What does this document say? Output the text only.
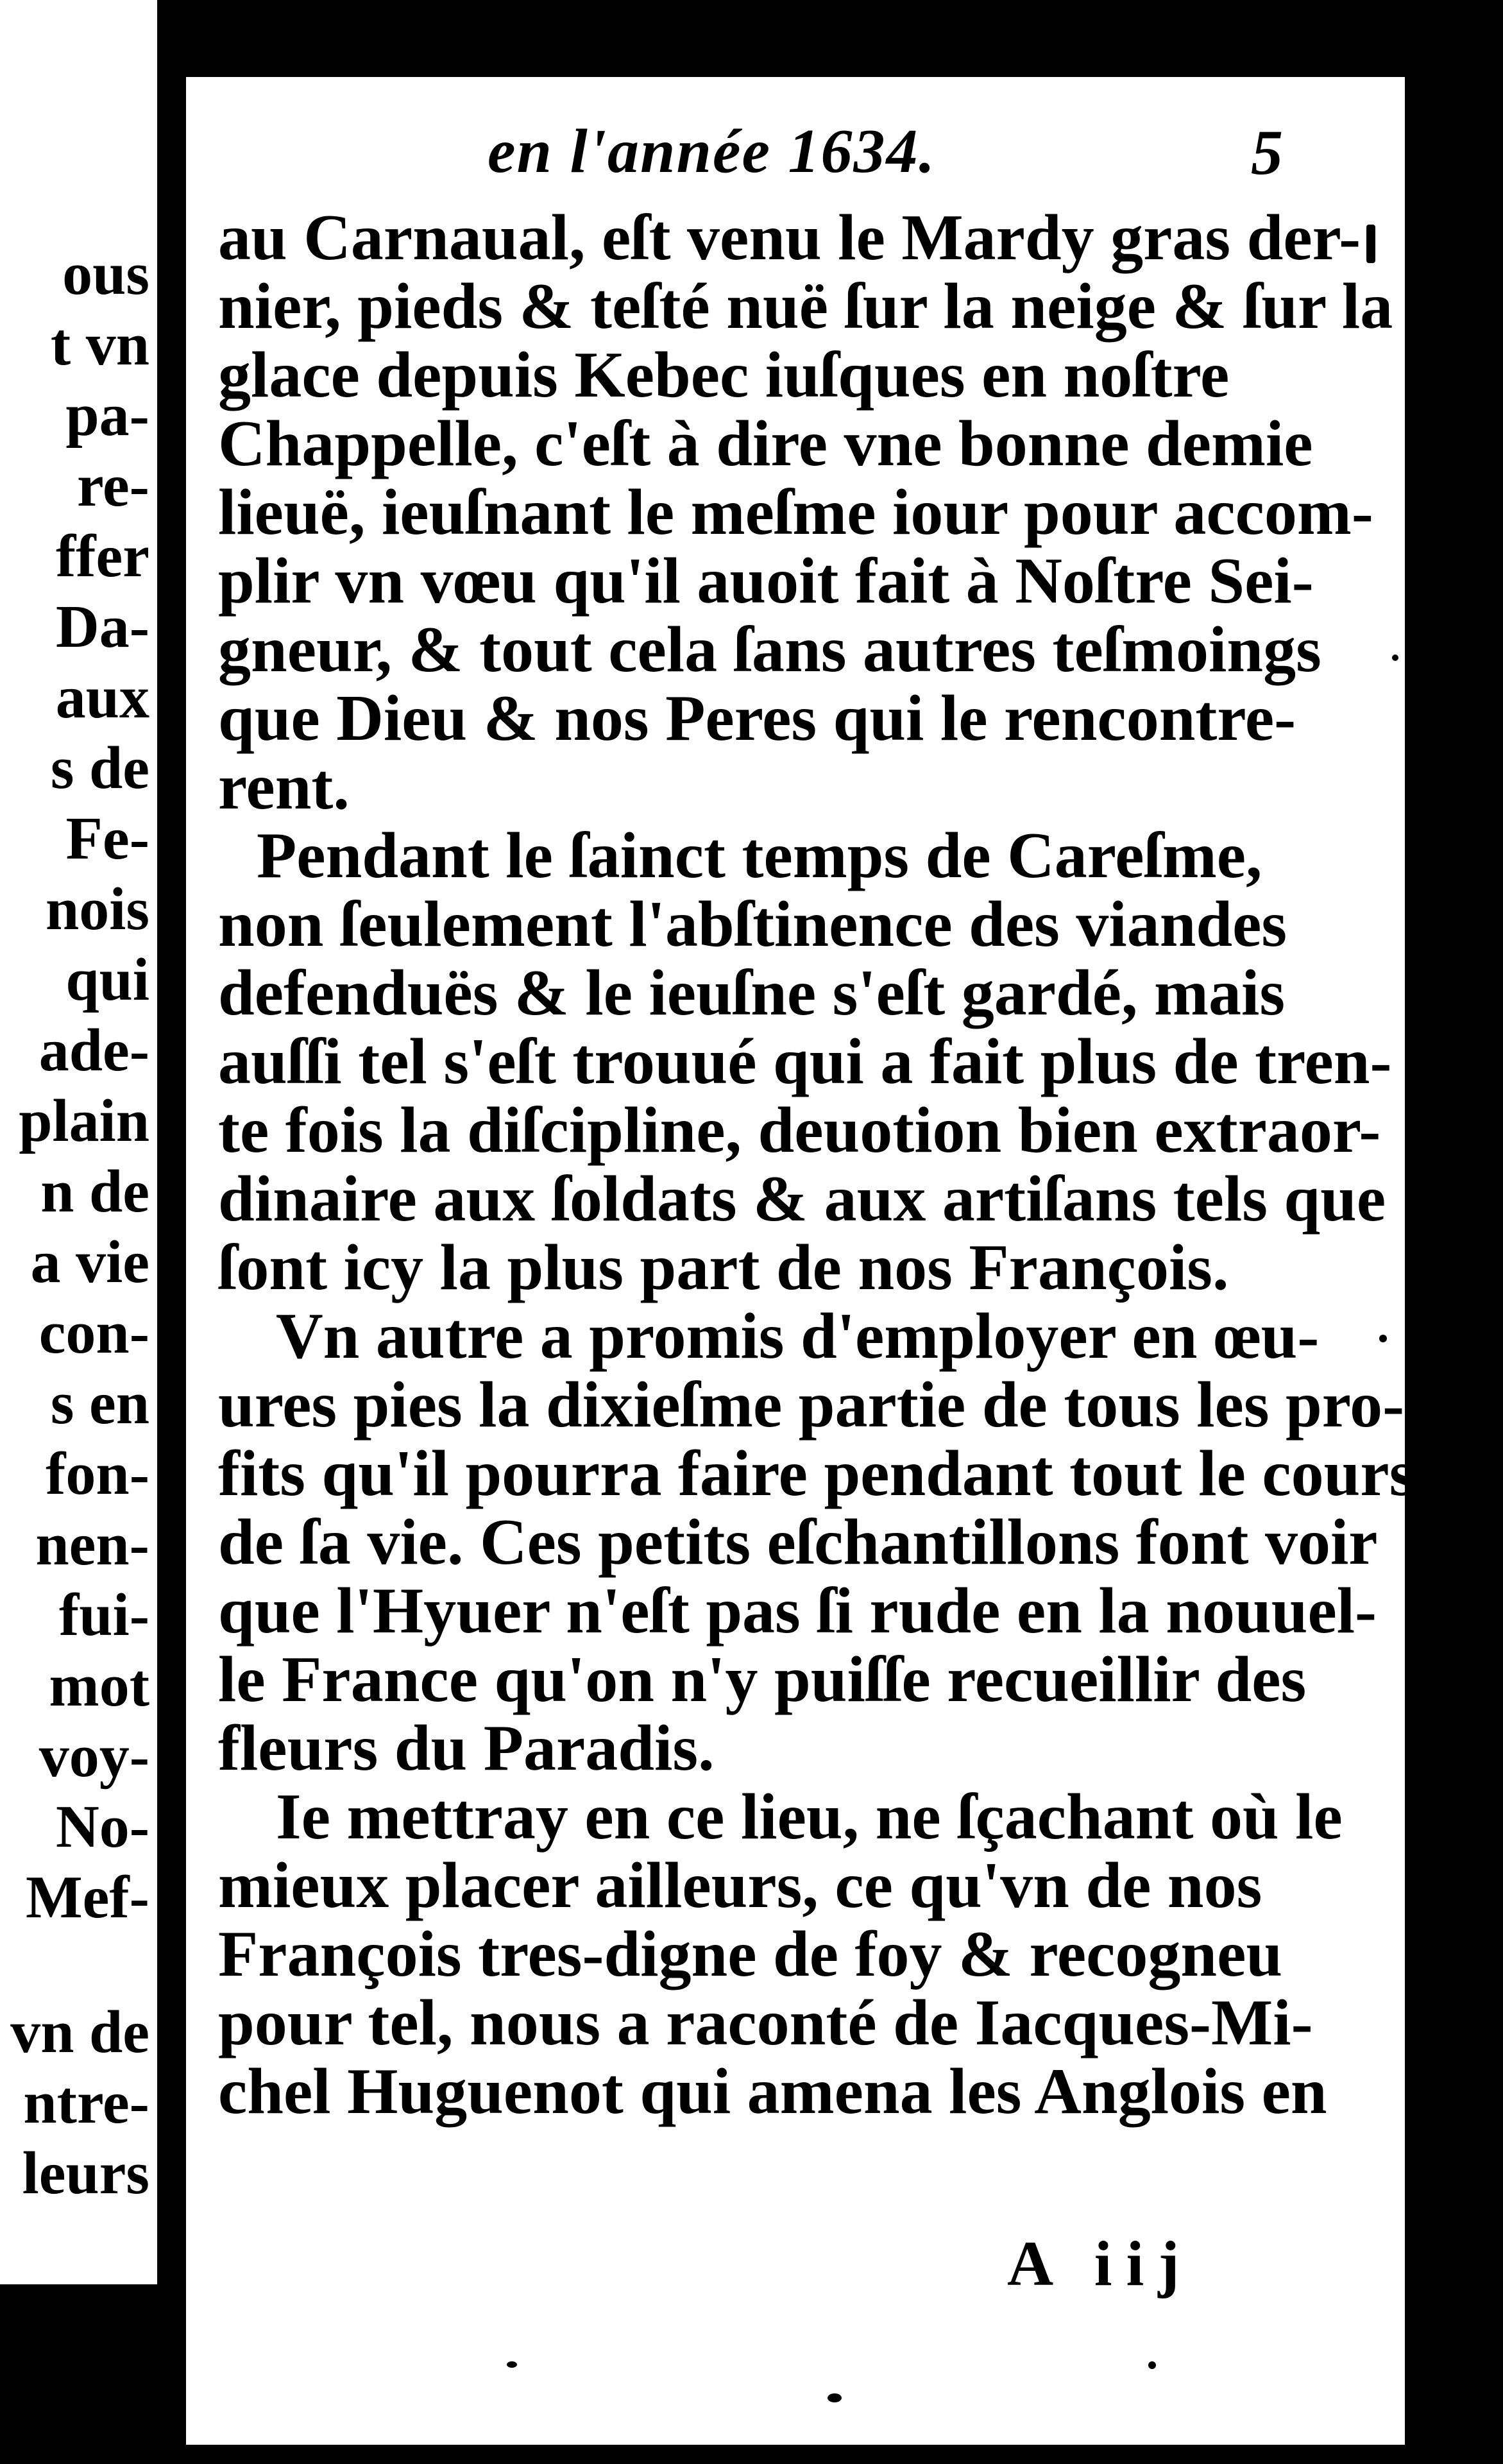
ous
t vn
pa-
re-
ffer
Da-
aux
s de
Fe-
nois
qui
ade-
plain
n de
a vie
con-
s en
fon-
nen-
fui-
mot
voy-
No-
Mef-
vn de
ntre-
leurs
en l'année 1634.	5
au Carnaual, eſt venu le Mardy gras der-
nier, pieds & teſté nuë ſur la neige & ſur la
glace depuis Kebec iuſques en noſtre
Chappelle, c'eſt à dire vne bonne demie
lieuë, ieuſnant le meſme iour pour accom-
plir vn vœu qu'il auoit fait à Noſtre Sei-
gneur, & tout cela ſans autres teſmoings
que Dieu & nos Peres qui le rencontre-
rent.
Pendant le ſainct temps de Careſme,
non ſeulement l'abſtinence des viandes
defenduës & le ieuſne s'eſt gardé, mais
auſſi tel s'eſt trouué qui a fait plus de tren-
te fois la diſcipline, deuotion bien extraor-
dinaire aux ſoldats & aux artiſans tels que
ſont icy la plus part de nos François.
Vn autre a promis d'employer en œu-
ures pies la dixieſme partie de tous les pro-
fits qu'il pourra faire pendant tout le cours
de ſa vie. Ces petits eſchantillons font voir
que l'Hyuer n'eſt pas ſi rude en la nouuel-
le France qu'on n'y puiſſe recueillir des
fleurs du Paradis.
Ie mettray en ce lieu, ne ſçachant où le
mieux placer ailleurs, ce qu'vn de nos
François tres-digne de foy & recogneu
pour tel, nous a raconté de Iacques-Mi-
chel Huguenot qui amena les Anglois en
A iij
